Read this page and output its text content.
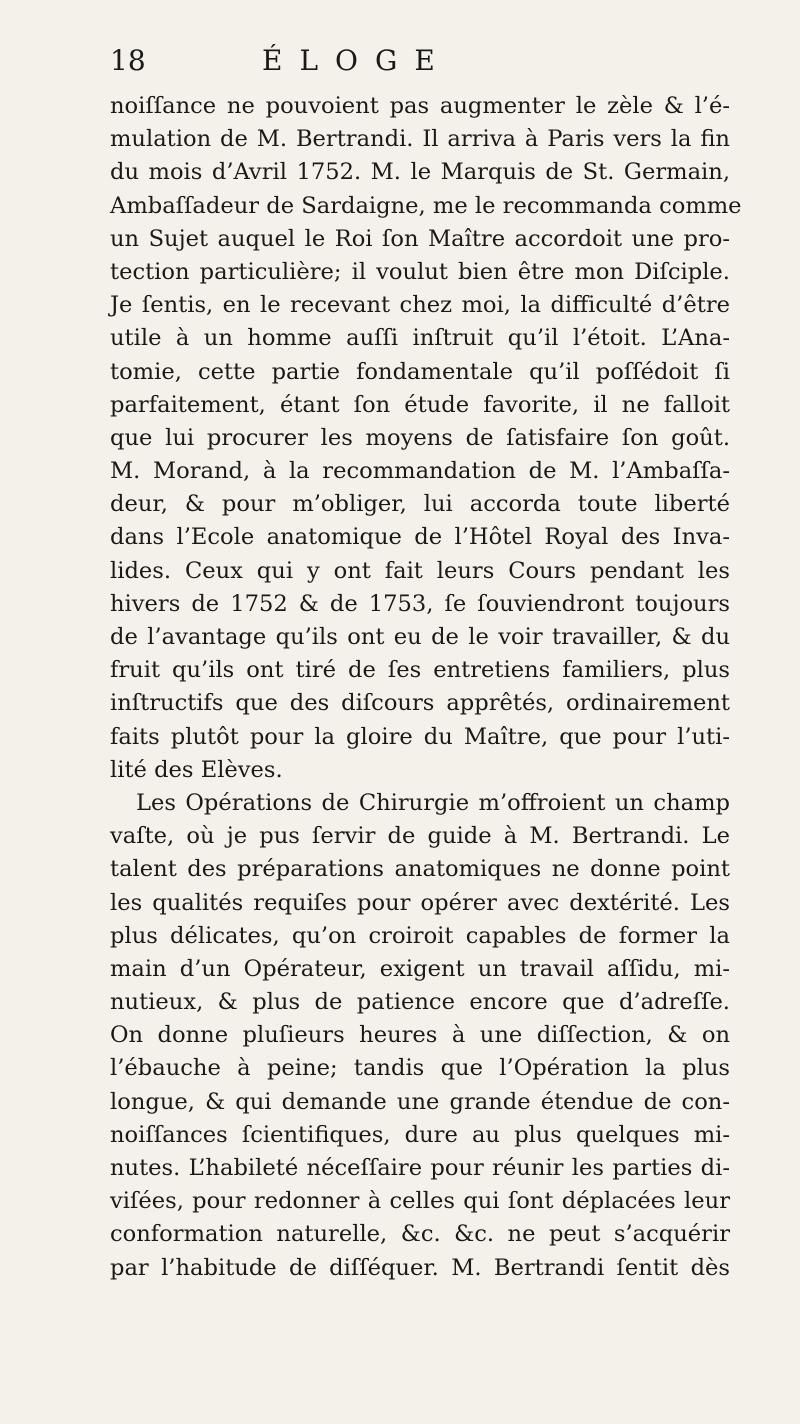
18	ÉLOGE
noiſſance ne pouvoient pas augmenter le zèle & l’é-
mulation de M. Bertrandi. Il arriva à Paris vers la fin
du mois d’Avril 1752. M. le Marquis de St. Germain,
Ambaſſadeur de Sardaigne, me le recommanda comme
un Sujet auquel le Roi ſon Maître accordoit une pro-
tection particulière; il voulut bien être mon Diſciple.
Je ſentis, en le recevant chez moi, la difficulté d’être
utile à un homme auſſi inſtruit qu’il l’étoit. L’Ana-
tomie, cette partie fondamentale qu’il poſſédoit ſi
parfaitement, étant ſon étude favorite, il ne falloit
que lui procurer les moyens de ſatisfaire ſon goût.
M. Morand, à la recommandation de M. l’Ambaſſa-
deur, & pour m’obliger, lui accorda toute liberté
dans l’Ecole anatomique de l’Hôtel Royal des Inva-
lides. Ceux qui y ont fait leurs Cours pendant les
hivers de 1752 & de 1753, ſe ſouviendront toujours
de l’avantage qu’ils ont eu de le voir travailler, & du
fruit qu’ils ont tiré de ſes entretiens familiers, plus
inſtructifs que des diſcours apprêtés, ordinairement
faits plutôt pour la gloire du Maître, que pour l’uti-
lité des Elèves.
Les Opérations de Chirurgie m’offroient un champ
vaſte, où je pus ſervir de guide à M. Bertrandi. Le
talent des préparations anatomiques ne donne point
les qualités requiſes pour opérer avec dextérité. Les
plus délicates, qu’on croiroit capables de former la
main d’un Opérateur, exigent un travail aſſidu, mi-
nutieux, & plus de patience encore que d’adreſſe.
On donne pluſieurs heures à une diſſection, & on
l’ébauche à peine; tandis que l’Opération la plus
longue, & qui demande une grande étendue de con-
noiſſances ſcientifiques, dure au plus quelques mi-
nutes. L’habileté néceſſaire pour réunir les parties di-
viſées, pour redonner à celles qui ſont déplacées leur
conformation naturelle, &c. &c. ne peut s’acquérir
par l’habitude de diſſéquer. M. Bertrandi ſentit dès
